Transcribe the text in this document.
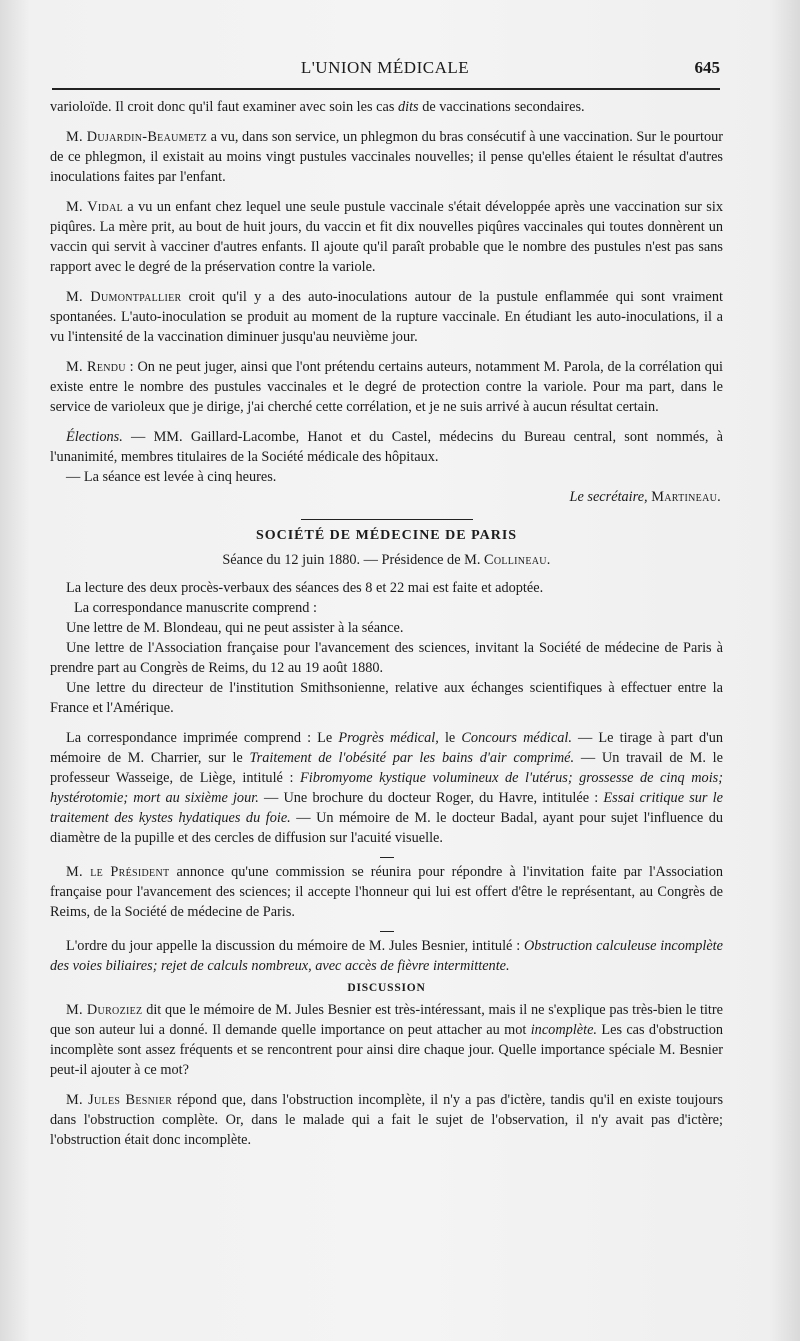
L'UNION MÉDICALE	645

varioloïde. Il croit donc qu'il faut examiner avec soin les cas dits de vaccinations secondaires.

M. Dujardin-Beaumetz a vu, dans son service, un phlegmon du bras consécutif à une vaccination. Sur le pourtour de ce phlegmon, il existait au moins vingt pustules vaccinales nouvelles; il pense qu'elles étaient le résultat d'autres inoculations faites par l'enfant.

M. Vidal a vu un enfant chez lequel une seule pustule vaccinale s'était développée après une vaccination sur six piqûres. La mère prit, au bout de huit jours, du vaccin et fit dix nouvelles piqûres vaccinales qui toutes donnèrent un vaccin qui servit à vacciner d'autres enfants. Il ajoute qu'il paraît probable que le nombre des pustules n'est pas sans rapport avec le degré de la préservation contre la variole.

M. Dumontpallier croit qu'il y a des auto-inoculations autour de la pustule enflammée qui sont vraiment spontanées. L'auto-inoculation se produit au moment de la rupture vaccinale. En étudiant les auto-inoculations, il a vu l'intensité de la vaccination diminuer jusqu'au neuvième jour.

M. Rendu : On ne peut juger, ainsi que l'ont prétendu certains auteurs, notamment M. Parola, de la corrélation qui existe entre le nombre des pustules vaccinales et le degré de protection contre la variole. Pour ma part, dans le service de varioleux que je dirige, j'ai cherché cette corrélation, et je ne suis arrivé à aucun résultat certain.

Élections. — MM. Gaillard-Lacombe, Hanot et du Castel, médecins du Bureau central, sont nommés, à l'unanimité, membres titulaires de la Société médicale des hôpitaux.

— La séance est levée à cinq heures.

Le secrétaire, Martineau.

SOCIÉTÉ DE MÉDECINE DE PARIS
Séance du 12 juin 1880. — Présidence de M. Collineau.

La lecture des deux procès-verbaux des séances des 8 et 22 mai est faite et adoptée.

La correspondance manuscrite comprend :

Une lettre de M. Blondeau, qui ne peut assister à la séance.

Une lettre de l'Association française pour l'avancement des sciences, invitant la Société de médecine de Paris à prendre part au Congrès de Reims, du 12 au 19 août 1880.

Une lettre du directeur de l'institution Smithsonienne, relative aux échanges scientifiques à effectuer entre la France et l'Amérique.

La correspondance imprimée comprend : Le Progrès médical, le Concours médical. — Le tirage à part d'un mémoire de M. Charrier, sur le Traitement de l'obésité par les bains d'air comprimé. — Un travail de M. le professeur Wasseige, de Liège, intitulé : Fibromyome kystique volumineux de l'utérus; grossesse de cinq mois; hystérotomie; mort au sixième jour. — Une brochure du docteur Roger, du Havre, intitulée : Essai critique sur le traitement des kystes hydatiques du foie. — Un mémoire de M. le docteur Badal, ayant pour sujet l'influence du diamètre de la pupille et des cercles de diffusion sur l'acuité visuelle.

M. le Président annonce qu'une commission se réunira pour répondre à l'invitation faite par l'Association française pour l'avancement des sciences; il accepte l'honneur qui lui est offert d'être le représentant, au Congrès de Reims, de la Société de médecine de Paris.

L'ordre du jour appelle la discussion du mémoire de M. Jules Besnier, intitulé : Obstruction calculeuse incomplète des voies biliaires; rejet de calculs nombreux, avec accès de fièvre intermittente.

DISCUSSION

M. Duroziez dit que le mémoire de M. Jules Besnier est très-intéressant, mais il ne s'explique pas très-bien le titre que son auteur lui a donné. Il demande quelle importance on peut attacher au mot incomplète. Les cas d'obstruction incomplète sont assez fréquents et se rencontrent pour ainsi dire chaque jour. Quelle importance spéciale M. Besnier peut-il ajouter à ce mot?

M. Jules Besnier répond que, dans l'obstruction incomplète, il n'y a pas d'ictère, tandis qu'il en existe toujours dans l'obstruction complète. Or, dans le malade qui a fait le sujet de l'observation, il n'y avait pas d'ictère; l'obstruction était donc incomplète.
